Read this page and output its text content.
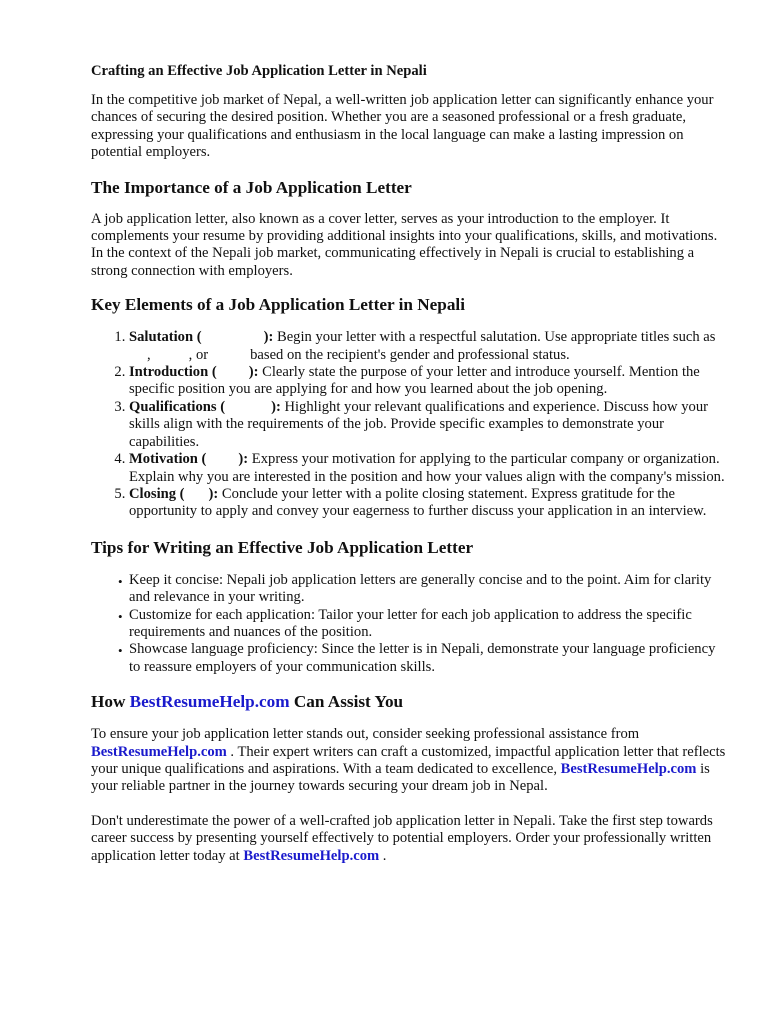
Crafting an Effective Job Application Letter in Nepali

In the competitive job market of Nepal, a well-written job application letter can significantly enhance your chances of securing the desired position. Whether you are a seasoned professional or a fresh graduate, expressing your qualifications and enthusiasm in the local language can make a lasting impression on potential employers.

The Importance of a Job Application Letter

A job application letter, also known as a cover letter, serves as your introduction to the employer. It complements your resume by providing additional insights into your qualifications, skills, and motivations. In the context of the Nepali job market, communicating effectively in Nepali is crucial to establishing a strong connection with employers.

Key Elements of a Job Application Letter in Nepali
1. Salutation (	): Begin your letter with a respectful salutation. Use appropriate titles such as,	, or	based on the recipient's gender and professional status.
2. Introduction ( ): Clearly state the purpose of your letter and introduce yourself. Mention the specific position you are applying for and how you learned about the job opening.
3. Qualifications (	): Highlight your relevant qualifications and experience. Discuss how your skills align with the requirements of the job. Provide specific examples to demonstrate your capabilities.
4. Motivation ( ): Express your motivation for applying to the particular company or organization. Explain why you are interested in the position and how your values align with the company's mission.
5. Closing ( ): Conclude your letter with a polite closing statement. Express gratitude for the opportunity to apply and convey your eagerness to further discuss your application in an interview.
Tips for Writing an Effective Job Application Letter
• Keep it concise: Nepali job application letters are generally concise and to the point. Aim for clarity and relevance in your writing.
• Customize for each application: Tailor your letter for each job application to address the specific requirements and nuances of the position.
• Showcase language proficiency: Since the letter is in Nepali, demonstrate your language proficiency to reassure employers of your communication skills.
How BestResumeHelp.com Can Assist You

To ensure your job application letter stands out, consider seeking professional assistance from BestResumeHelp.com . Their expert writers can craft a customized, impactful application letter that reflects your unique qualifications and aspirations. With a team dedicated to excellence, BestResumeHelp.com is your reliable partner in the journey towards securing your dream job in Nepal.

Don't underestimate the power of a well-crafted job application letter in Nepali. Take the first step towards career success by presenting yourself effectively to potential employers. Order your professionally written application letter today at BestResumeHelp.com .
